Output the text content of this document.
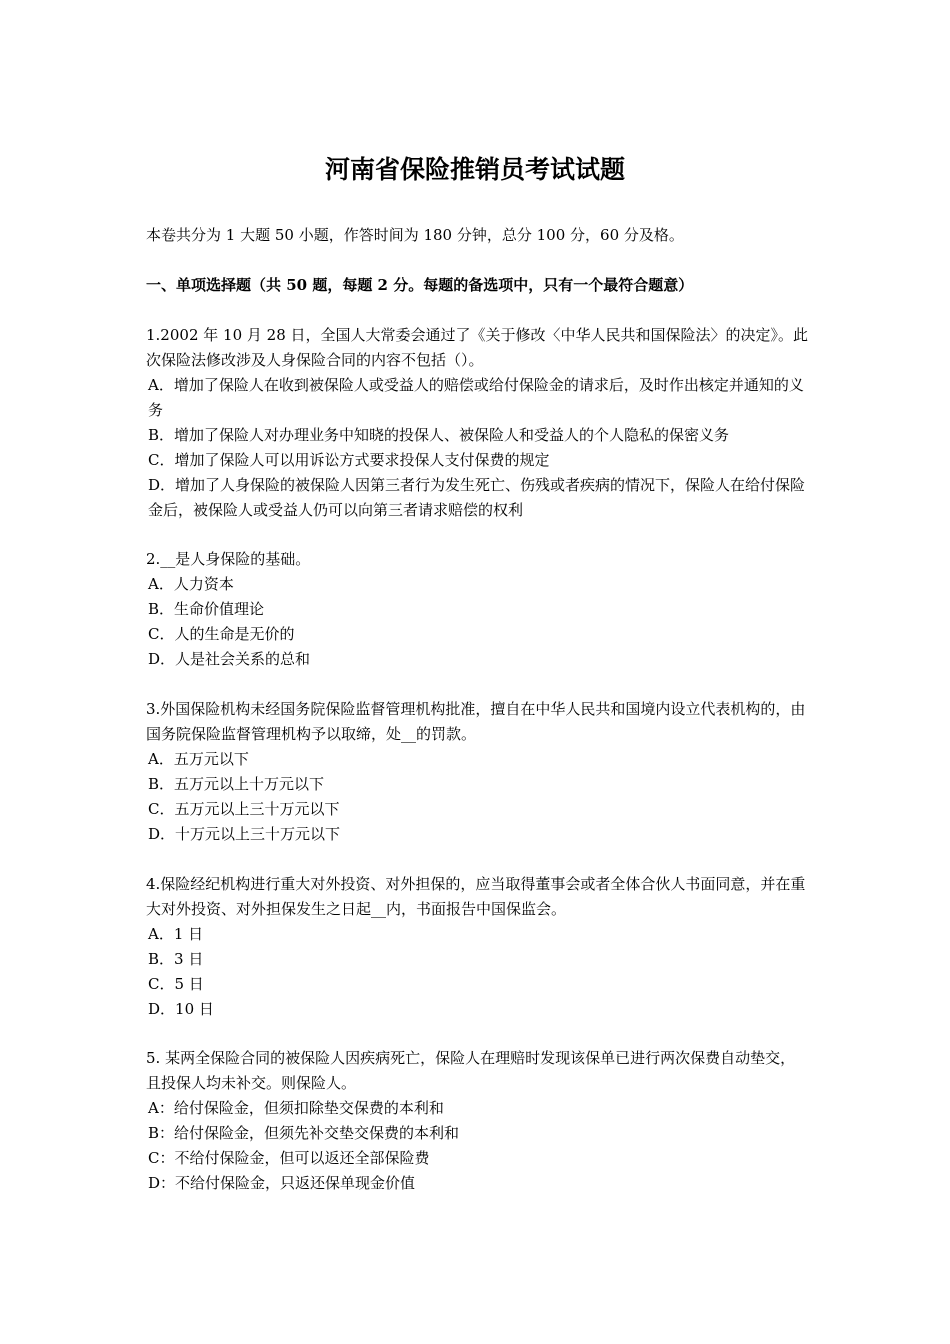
河南省保险推销员考试试题
本卷共分为 1 大题 50 小题，作答时间为 180 分钟，总分 100 分，60 分及格。
一、单项选择题（共 50 题，每题 2 分。每题的备选项中，只有一个最符合题意）
1.2002 年 10 月 28 日，全国人大常委会通过了《关于修改〈中华人民共和国保险法〉的决定》。此次保险法修改涉及人身保险合同的内容不包括（）。
A．增加了保险人在收到被保险人或受益人的赔偿或给付保险金的请求后，及时作出核定并通知的义务
B．增加了保险人对办理业务中知晓的投保人、被保险人和受益人的个人隐私的保密义务
C．增加了保险人可以用诉讼方式要求投保人支付保费的规定
D．增加了人身保险的被保险人因第三者行为发生死亡、伤残或者疾病的情况下，保险人在给付保险金后，被保险人或受益人仍可以向第三者请求赔偿的权利
2.__是人身保险的基础。
A．人力资本
B．生命价值理论
C．人的生命是无价的
D．人是社会关系的总和
3.外国保险机构未经国务院保险监督管理机构批准，擅自在中华人民共和国境内设立代表机构的，由国务院保险监督管理机构予以取缔，处__的罚款。
A．五万元以下
B．五万元以上十万元以下
C．五万元以上三十万元以下
D．十万元以上三十万元以下
4.保险经纪机构进行重大对外投资、对外担保的，应当取得董事会或者全体合伙人书面同意，并在重大对外投资、对外担保发生之日起__内，书面报告中国保监会。
A．1 日
B．3 日
C．5 日
D．10 日
5. 某两全保险合同的被保险人因疾病死亡，保险人在理赔时发现该保单已进行两次保费自动垫交，且投保人均未补交。则保险人。
A：给付保险金，但须扣除垫交保费的本利和
B：给付保险金，但须先补交垫交保费的本利和
C：不给付保险金，但可以返还全部保险费
D：不给付保险金，只返还保单现金价值
